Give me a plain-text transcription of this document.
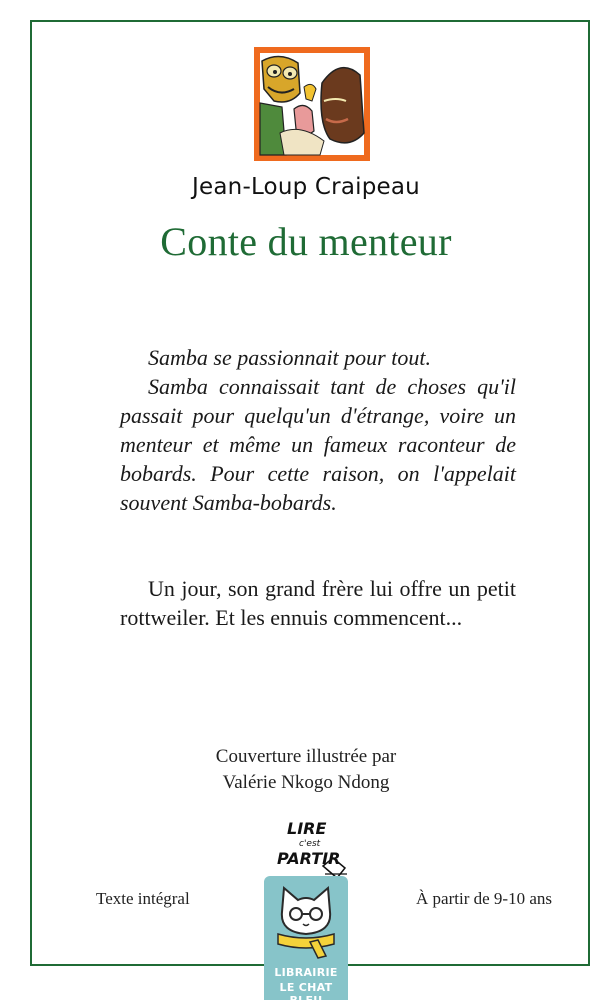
Jean-Loup Craipeau
Conte du menteur
Samba se passionnait pour tout.
Samba connaissait tant de choses qu'il passait pour quelqu'un d'étrange, voire un menteur et même un fameux raconteur de bobards. Pour cette raison, on l'appelait souvent Samba-bobards.
Un jour, son grand frère lui offre un petit rottweiler. Et les ennuis commencent...
Couverture illustrée par
Valérie Nkogo Ndong
LIRE
c'est
PARTIR
Texte intégral	À partir de 9-10 ans
LIBRAIRIE
LE CHAT BLEU
